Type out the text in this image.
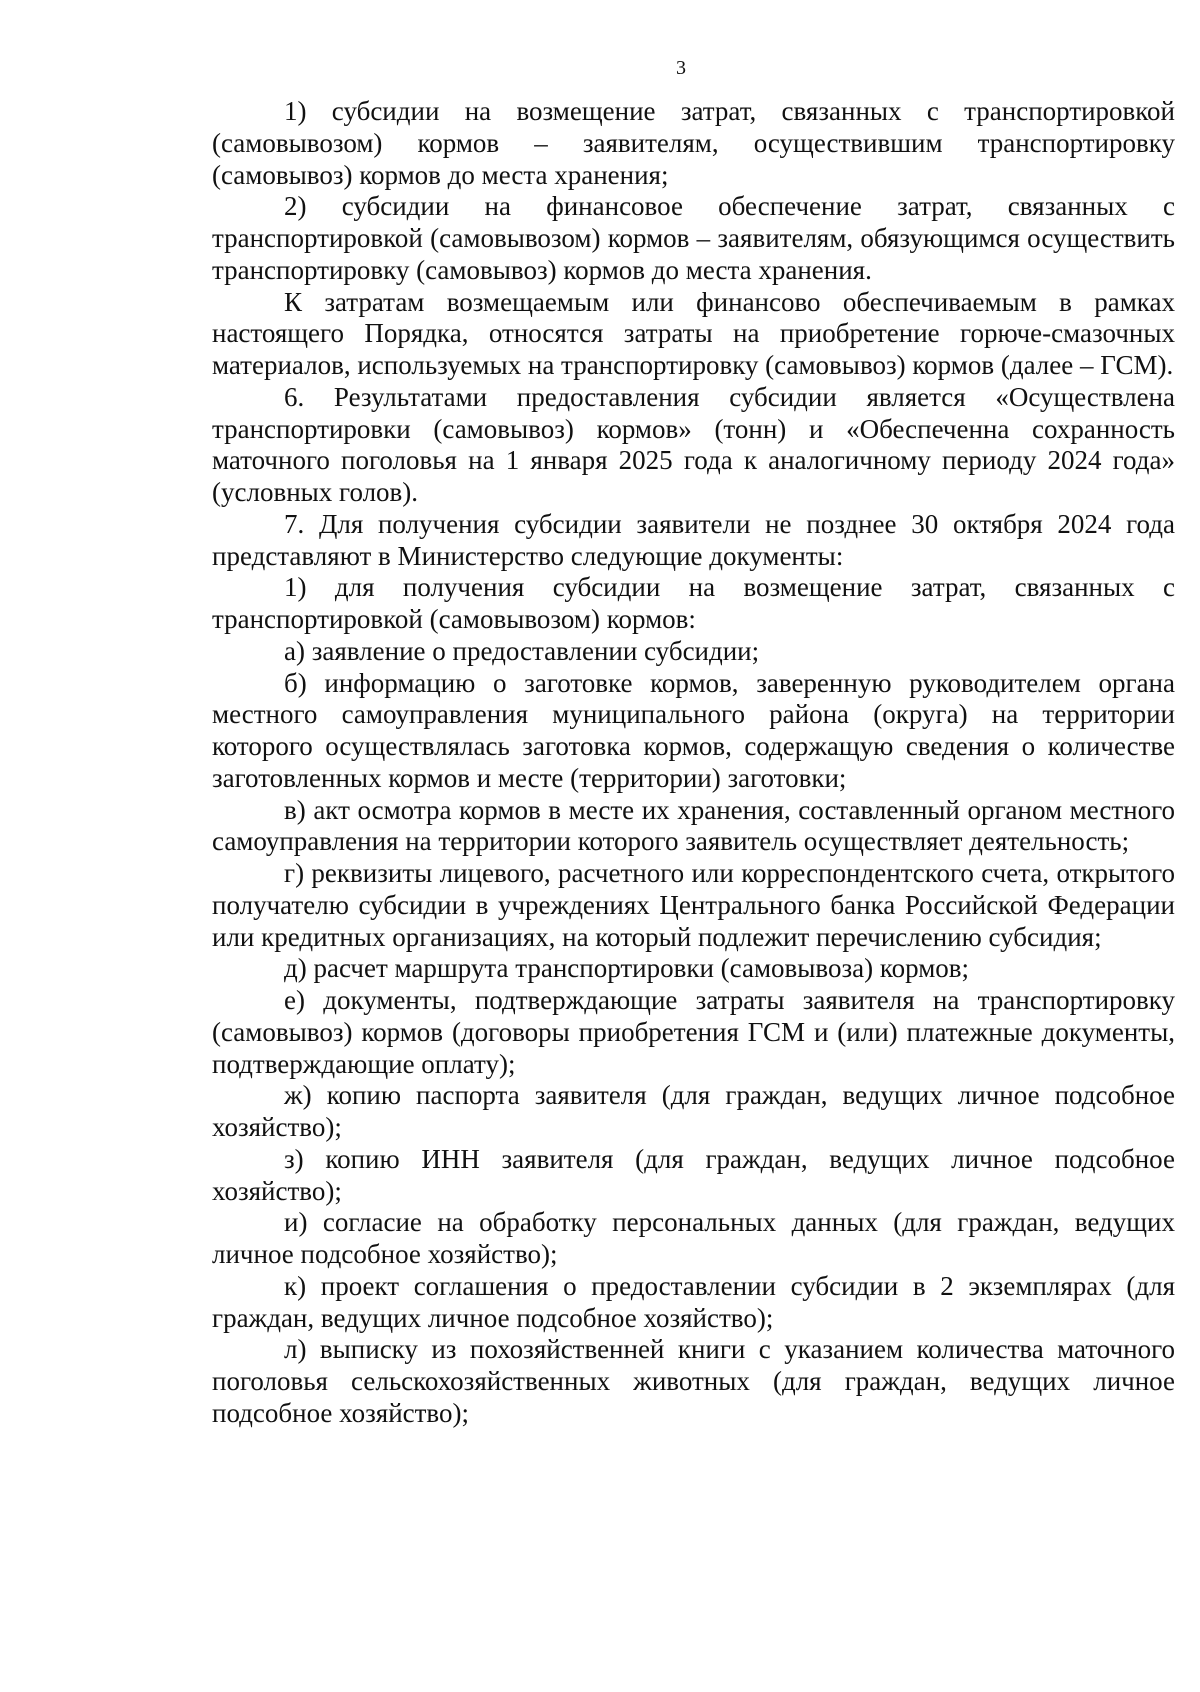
3

1) субсидии на возмещение затрат, связанных с транспортировкой (самовывозом) кормов – заявителям, осуществившим транспортировку (самовывоз) кормов до места хранения;

2) субсидии на финансовое обеспечение затрат, связанных с транспортировкой (самовывозом) кормов – заявителям, обязующимся осуществить транспортировку (самовывоз) кормов до места хранения.

К затратам возмещаемым или финансово обеспечиваемым в рамках настоящего Порядка, относятся затраты на приобретение горюче-смазочных материалов, используемых на транспортировку (самовывоз) кормов (далее – ГСМ).

6. Результатами предоставления субсидии является «Осуществлена транспортировки (самовывоз) кормов» (тонн) и «Обеспеченна сохранность маточного поголовья на 1 января 2025 года к аналогичному периоду 2024 года» (условных голов).

7. Для получения субсидии заявители не позднее 30 октября 2024 года представляют в Министерство следующие документы:

1) для получения субсидии на возмещение затрат, связанных с транспортировкой (самовывозом) кормов:

а) заявление о предоставлении субсидии;

б) информацию о заготовке кормов, заверенную руководителем органа местного самоуправления муниципального района (округа) на территории которого осуществлялась заготовка кормов, содержащую сведения о количестве заготовленных кормов и месте (территории) заготовки;

в) акт осмотра кормов в месте их хранения, составленный органом местного самоуправления на территории которого заявитель осуществляет деятельность;

г) реквизиты лицевого, расчетного или корреспондентского счета, открытого получателю субсидии в учреждениях Центрального банка Российской Федерации или кредитных организациях, на который подлежит перечислению субсидия;

д) расчет маршрута транспортировки (самовывоза) кормов;

е) документы, подтверждающие затраты заявителя на транспортировку (самовывоз) кормов (договоры приобретения ГСМ и (или) платежные документы, подтверждающие оплату);

ж) копию паспорта заявителя (для граждан, ведущих личное подсобное хозяйство);

з) копию ИНН заявителя (для граждан, ведущих личное подсобное хозяйство);

и) согласие на обработку персональных данных (для граждан, ведущих личное подсобное хозяйство);

к) проект соглашения о предоставлении субсидии в 2 экземплярах (для граждан, ведущих личное подсобное хозяйство);

л) выписку из похозяйственней книги с указанием количества маточного поголовья сельскохозяйственных животных (для граждан, ведущих личное подсобное хозяйство);
